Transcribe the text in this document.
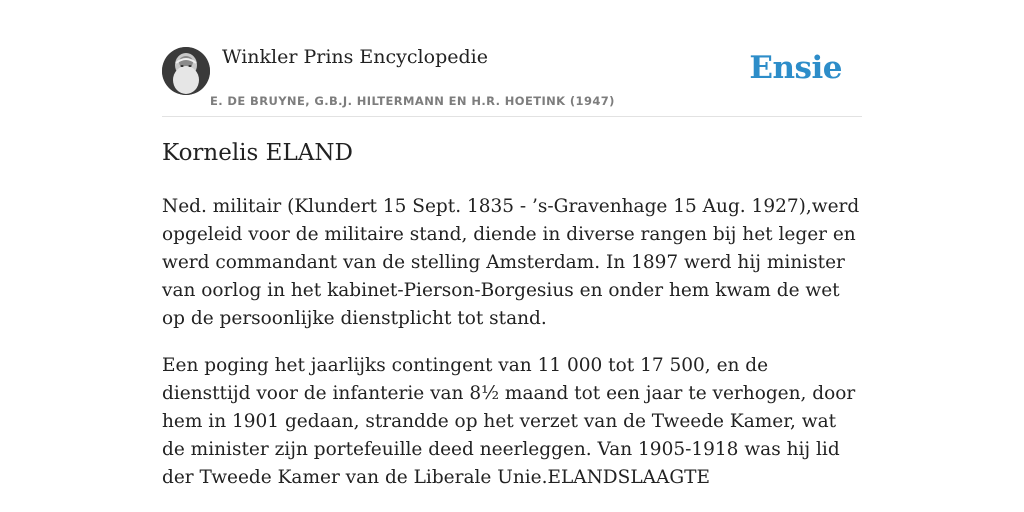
Winkler Prins Encyclopedie
E. DE BRUYNE, G.B.J. HILTERMANN EN H.R. HOETINK (1947)
Ensie
Kornelis ELAND

Ned. militair (Klundert 15 Sept. 1835 - ’s-Gravenhage 15 Aug. 1927),werd opgeleid voor de militaire stand, diende in diverse rangen bij het leger en werd commandant van de stelling Amsterdam. In 1897 werd hij minister van oorlog in het kabinet-Pierson-Borgesius en onder hem kwam de wet op de persoonlijke dienstplicht tot stand.

Een poging het jaarlijks contingent van 11 000 tot 17 500, en de diensttijd voor de infanterie van 8½ maand tot een jaar te verhogen, door hem in 1901 gedaan, strandde op het verzet van de Tweede Kamer, wat de minister zijn portefeuille deed neerleggen. Van 1905-1918 was hij lid der Tweede Kamer van de Liberale Unie.ELANDSLAAGTE
